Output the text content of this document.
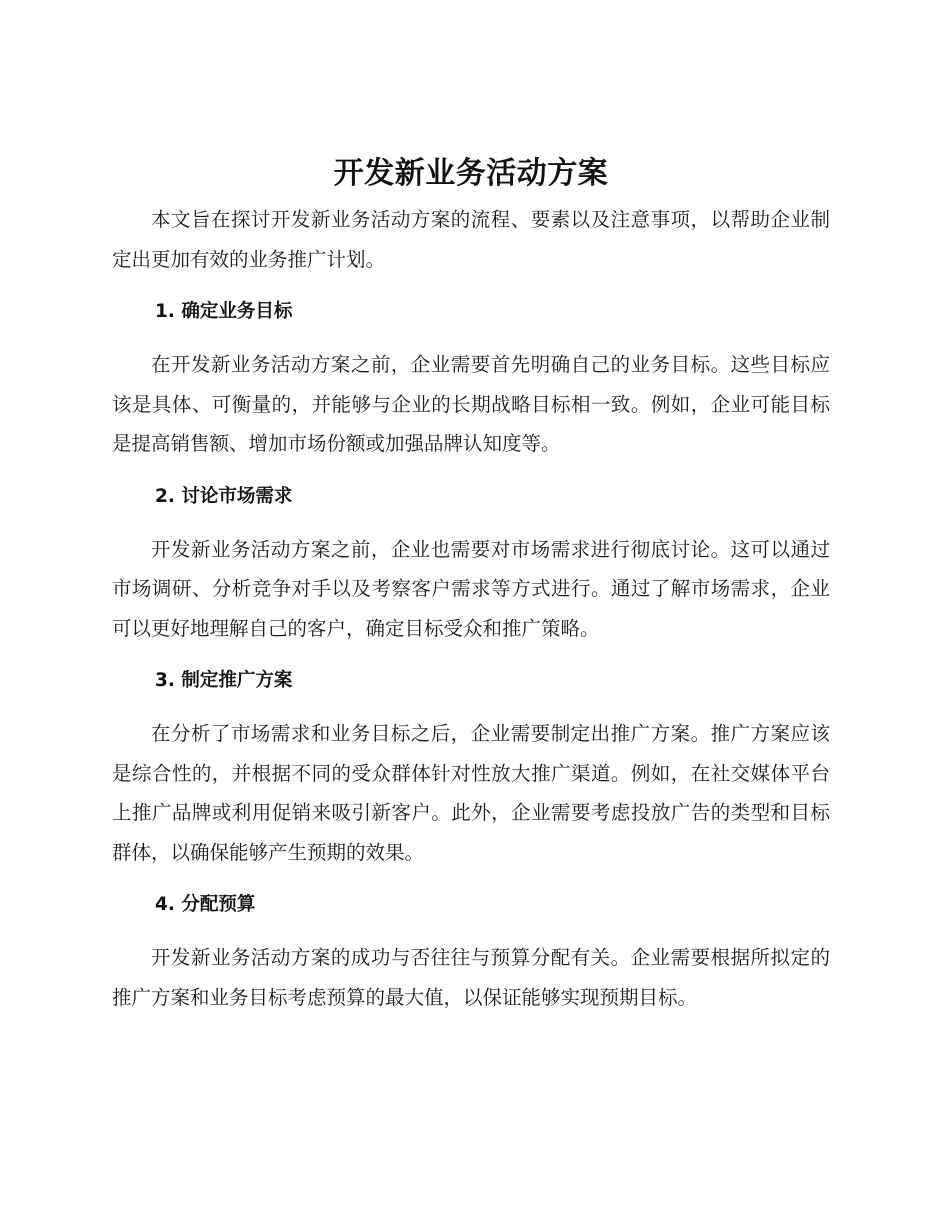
开发新业务活动方案

本文旨在探讨开发新业务活动方案的流程、要素以及注意事项，以帮助企业制定出更加有效的业务推广计划。

1. 确定业务目标

在开发新业务活动方案之前，企业需要首先明确自己的业务目标。这些目标应该是具体、可衡量的，并能够与企业的长期战略目标相一致。例如，企业可能目标是提高销售额、增加市场份额或加强品牌认知度等。

2. 讨论市场需求

开发新业务活动方案之前，企业也需要对市场需求进行彻底讨论。这可以通过市场调研、分析竞争对手以及考察客户需求等方式进行。通过了解市场需求，企业可以更好地理解自己的客户，确定目标受众和推广策略。

3. 制定推广方案

在分析了市场需求和业务目标之后，企业需要制定出推广方案。推广方案应该是综合性的，并根据不同的受众群体针对性放大推广渠道。例如，在社交媒体平台上推广品牌或利用促销来吸引新客户。此外，企业需要考虑投放广告的类型和目标群体，以确保能够产生预期的效果。

4. 分配预算

开发新业务活动方案的成功与否往往与预算分配有关。企业需要根据所拟定的推广方案和业务目标考虑预算的最大值，以保证能够实现预期目标。
